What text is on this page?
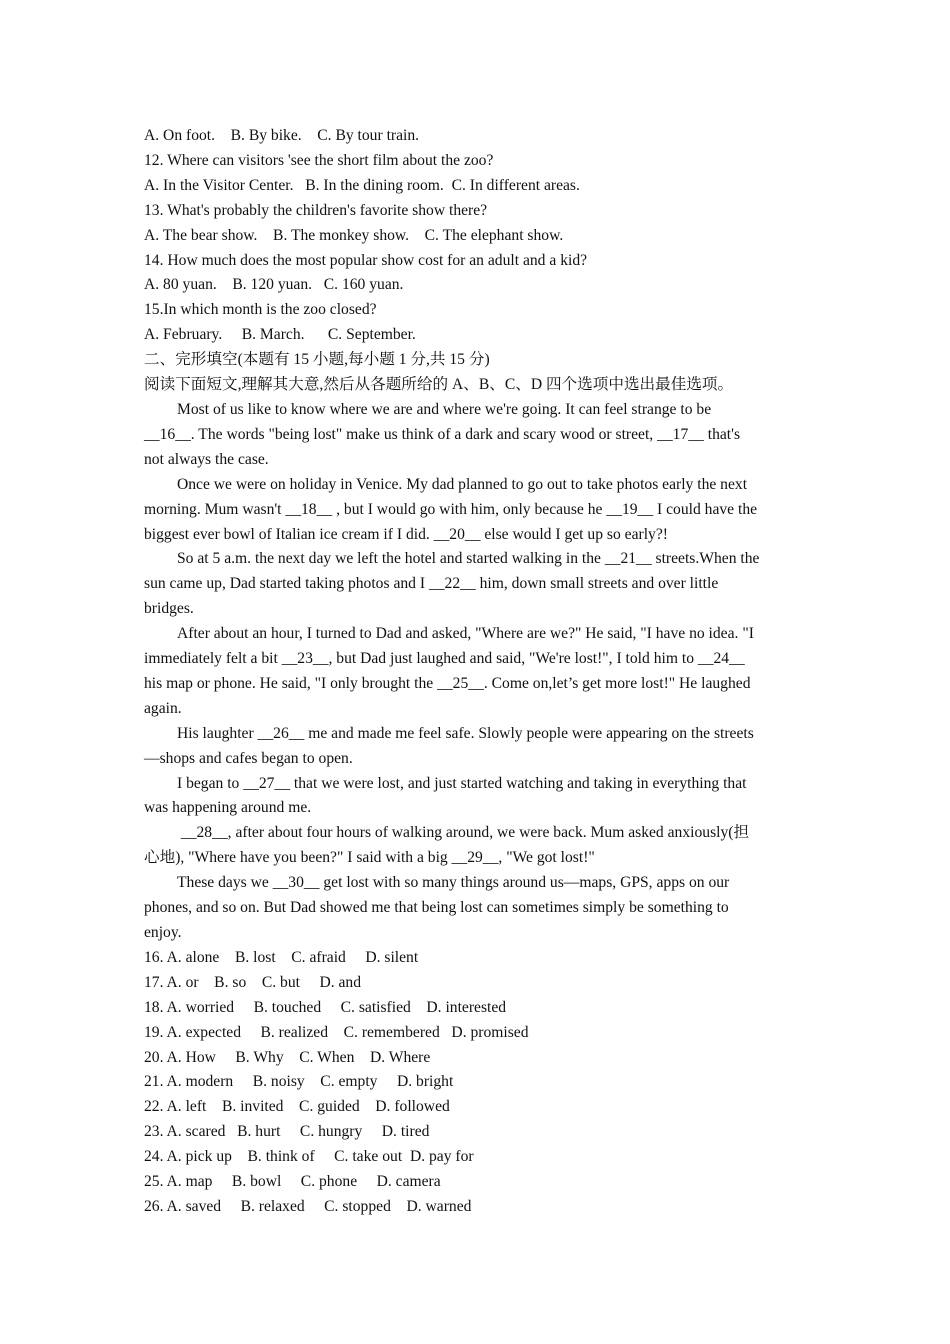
A. On foot.    B. By bike.    C. By tour train.

12. Where can visitors 'see the short film about the zoo?

A. In the Visitor Center.   B. In the dining room.  C. In different areas.

13. What's probably the children's favorite show there?

A. The bear show.    B. The monkey show.    C. The elephant show.

14. How much does the most popular show cost for an adult and a kid?

A. 80 yuan.    B. 120 yuan.   C. 160 yuan.

15.In which month is the zoo closed?

A. February.     B. March.      C. September.

二、完形填空(本题有 15 小题,每小题 1 分,共 15 分)

阅读下面短文,理解其大意,然后从各题所给的 A、B、C、D 四个选项中选出最佳选项。

Most of us like to know where we are and where we're going. It can feel strange to be
__16__. The words "being lost" make us think of a dark and scary wood or street, __17__ that's
not always the case.

Once we were on holiday in Venice. My dad planned to go out to take photos early the next
morning. Mum wasn't __18__ , but I would go with him, only because he __19__ I could have the
biggest ever bowl of Italian ice cream if I did. __20__ else would I get up so early?!

So at 5 a.m. the next day we left the hotel and started walking in the __21__ streets.When the
sun came up, Dad started taking photos and I __22__ him, down small streets and over little
bridges.

After about an hour, I turned to Dad and asked, "Where are we?" He said, "I have no idea. "I
immediately felt a bit __23__, but Dad just laughed and said, "We're lost!", I told him to __24__
his map or phone. He said, "I only brought the __25__. Come on,let’s get more lost!" He laughed
again.

His laughter __26__ me and made me feel safe. Slowly people were appearing on the streets
—shops and cafes began to open.

I began to __27__ that we were lost, and just started watching and taking in everything that
was happening around me.

__28__, after about four hours of walking around, we were back. Mum asked anxiously(担
心地), "Where have you been?" I said with a big __29__, "We got lost!"

These days we __30__ get lost with so many things around us—maps, GPS, apps on our
phones, and so on. But Dad showed me that being lost can sometimes simply be something to
enjoy.

16. A. alone    B. lost    C. afraid     D. silent

17. A. or    B. so    C. but     D. and

18. A. worried     B. touched     C. satisfied    D. interested

19. A. expected     B. realized    C. remembered   D. promised

20. A. How     B. Why    C. When    D. Where

21. A. modern     B. noisy    C. empty     D. bright

22. A. left    B. invited    C. guided    D. followed

23. A. scared   B. hurt     C. hungry     D. tired

24. A. pick up    B. think of     C. take out  D. pay for

25. A. map     B. bowl     C. phone     D. camera

26. A. saved     B. relaxed     C. stopped    D. warned
